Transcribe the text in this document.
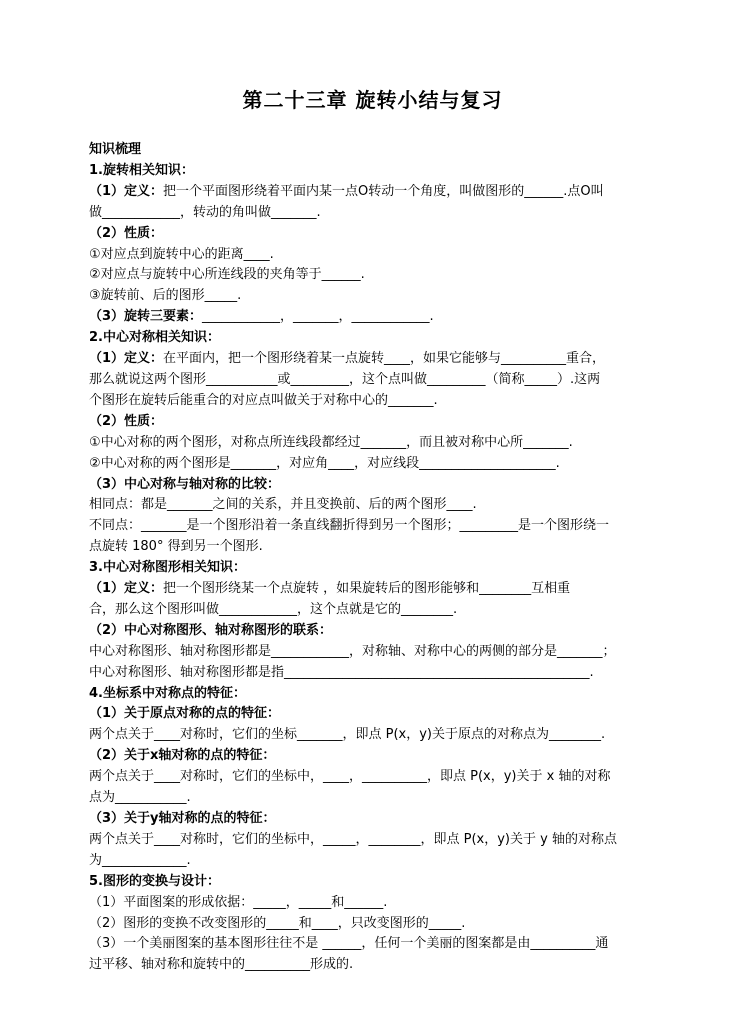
第二十三章 旋转小结与复习
知识梳理
1.旋转相关知识：
（1）定义：把一个平面图形绕着平面内某一点O转动一个角度，叫做图形的______.点O叫
做____________，转动的角叫做_______.
（2）性质：
①对应点到旋转中心的距离____.
②对应点与旋转中心所连线段的夹角等于______.
③旋转前、后的图形_____.
（3）旋转三要素：____________，_______，____________.
2.中心对称相关知识：
（1）定义：在平面内，把一个图形绕着某一点旋转____，如果它能够与__________重合，
那么就说这两个图形___________或_________，这个点叫做_________（简称_____）.这两
个图形在旋转后能重合的对应点叫做关于对称中心的_______.
（2）性质：
①中心对称的两个图形，对称点所连线段都经过_______，而且被对称中心所_______.
②中心对称的两个图形是_______，对应角____，对应线段_____________________.
（3）中心对称与轴对称的比较：
相同点：都是_______之间的关系，并且变换前、后的两个图形____.
不同点：_______是一个图形沿着一条直线翻折得到另一个图形；_________是一个图形绕一
点旋转 180° 得到另一个图形.
3.中心对称图形相关知识：
（1）定义：把一个图形绕某一个点旋转 ，如果旋转后的图形能够和________互相重
合，那么这个图形叫做____________，这个点就是它的________.
（2）中心对称图形、轴对称图形的联系：
中心对称图形、轴对称图形都是____________，对称轴、对称中心的两侧的部分是_______；
中心对称图形、轴对称图形都是指_______________________________________________.
4.坐标系中对称点的特征：
（1）关于原点对称的点的特征：
两个点关于____对称时，它们的坐标_______，即点 P(x，y)关于原点的对称点为________.
（2）关于x轴对称的点的特征：
两个点关于____对称时，它们的坐标中，____，__________，即点 P(x，y)关于 x 轴的对称
点为___________.
（3）关于y轴对称的点的特征：
两个点关于____对称时，它们的坐标中，_____，________，即点 P(x，y)关于 y 轴的对称点
为_____________.
5.图形的变换与设计：
（1）平面图案的形成依据：_____，_____和______.
（2）图形的变换不改变图形的_____和____，只改变图形的_____.
（3）一个美丽图案的基本图形往往不是 ______，任何一个美丽的图案都是由__________通
过平移、轴对称和旋转中的__________形成的.
